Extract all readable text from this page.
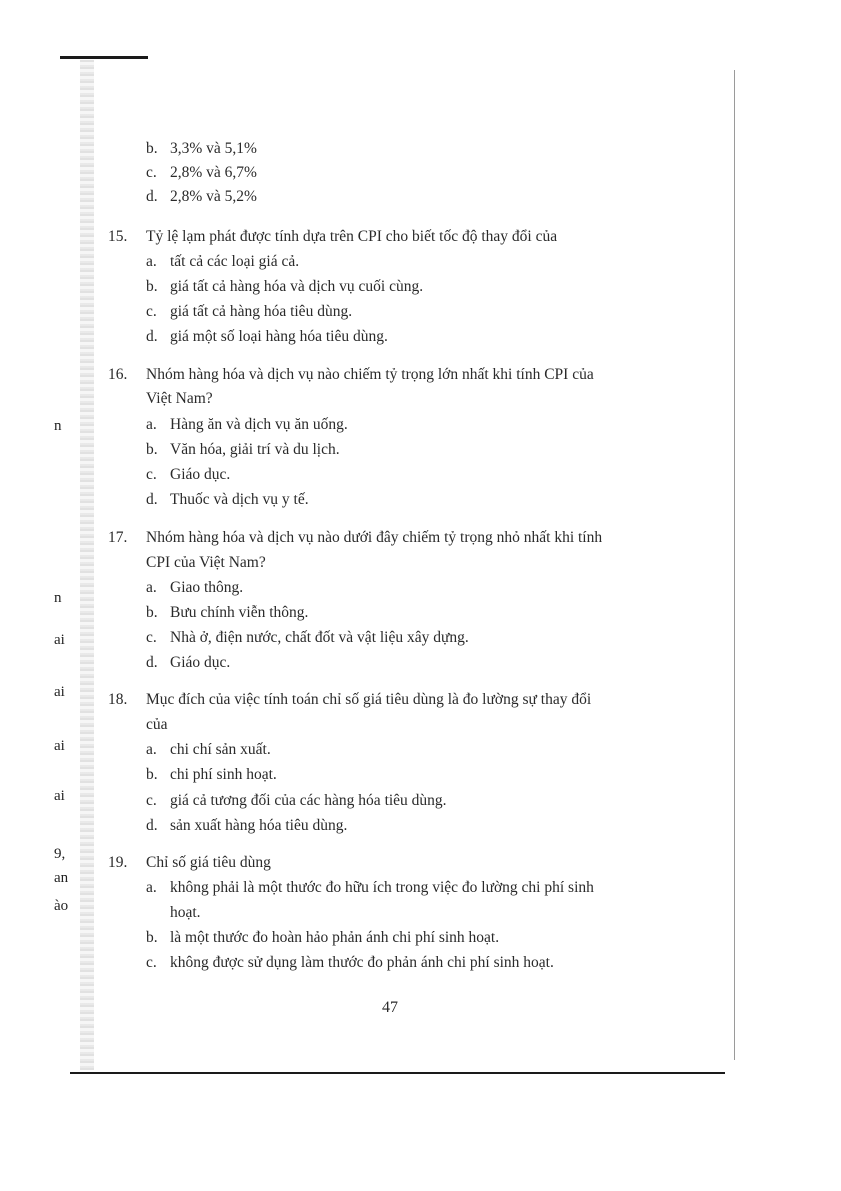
n
n
ai
ai
ai
ai
9,
an
ào
b. 3,3% và 5,1%
c. 2,8% và 6,7%
d. 2,8% và 5,2%
15. Tỷ lệ lạm phát được tính dựa trên CPI cho biết tốc độ thay đổi của
a. tất cả các loại giá cả.
b. giá tất cả hàng hóa và dịch vụ cuối cùng.
c. giá tất cả hàng hóa tiêu dùng.
d. giá một số loại hàng hóa tiêu dùng.
16. Nhóm hàng hóa và dịch vụ nào chiếm tỷ trọng lớn nhất khi tính CPI của
Việt Nam?
a. Hàng ăn và dịch vụ ăn uống.
b. Văn hóa, giải trí và du lịch.
c. Giáo dục.
d. Thuốc và dịch vụ y tế.
17. Nhóm hàng hóa và dịch vụ nào dưới đây chiếm tỷ trọng nhỏ nhất khi tính
CPI của Việt Nam?
a. Giao thông.
b. Bưu chính viễn thông.
c. Nhà ở, điện nước, chất đốt và vật liệu xây dựng.
d. Giáo dục.
18. Mục đích của việc tính toán chỉ số giá tiêu dùng là đo lường sự thay đổi
của
a. chi chí sản xuất.
b. chi phí sinh hoạt.
c. giá cả tương đối của các hàng hóa tiêu dùng.
d. sản xuất hàng hóa tiêu dùng.
19. Chỉ số giá tiêu dùng
a. không phải là một thước đo hữu ích trong việc đo lường chi phí sinh
hoạt.
b. là một thước đo hoàn hảo phản ánh chi phí sinh hoạt.
c. không được sử dụng làm thước đo phản ánh chi phí sinh hoạt.
47
